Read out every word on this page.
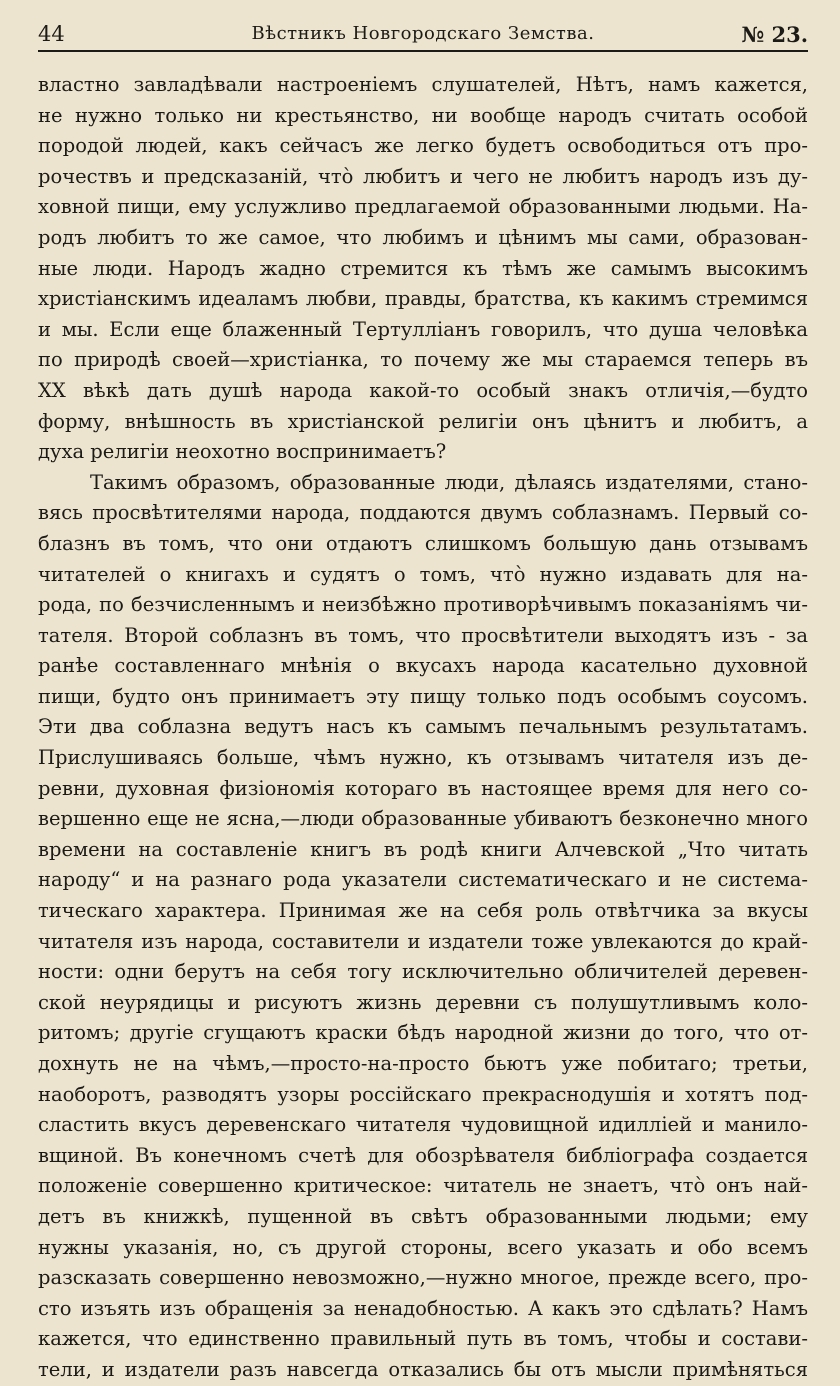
44	Вѣстникъ Новгородскаго Земства.	№ 23.
властно завладѣвали настроеніемъ слушателей, Нѣтъ, намъ кажется,
не нужно только ни крестьянство, ни вообще народъ считать особой
породой людей, какъ сейчасъ же легко будетъ освободиться отъ про-
рочествъ и предсказаній, чтò любитъ и чего не любитъ народъ изъ ду-
ховной пищи, ему услужливо предлагаемой образованными людьми. На-
родъ любитъ то же самое, что любимъ и цѣнимъ мы сами, образован-
ные люди. Народъ жадно стремится къ тѣмъ же самымъ высокимъ
христіанскимъ идеаламъ любви, правды, братства, къ какимъ стремимся
и мы. Если еще блаженный Тертулліанъ говорилъ, что душа человѣка
по природѣ своей—христіанка, то почему же мы стараемся теперь въ
XX вѣкѣ дать душѣ народа какой-то особый знакъ отличія,—будто
форму, внѣшность въ христіанской религіи онъ цѣнитъ и любитъ, а
духа религіи неохотно воспринимаетъ?
Такимъ образомъ, образованные люди, дѣлаясь издателями, стано-
вясь просвѣтителями народа, поддаются двумъ соблазнамъ. Первый со-
блазнъ въ томъ, что они отдаютъ слишкомъ большую дань отзывамъ
читателей о книгахъ и судятъ о томъ, чтò нужно издавать для на-
рода, по безчисленнымъ и неизбѣжно противорѣчивымъ показаніямъ чи-
тателя. Второй соблазнъ въ томъ, что просвѣтители выходятъ изъ - за
ранѣе составленнаго мнѣнія о вкусахъ народа касательно духовной
пищи, будто онъ принимаетъ эту пищу только подъ особымъ соусомъ.
Эти два соблазна ведутъ насъ къ самымъ печальнымъ результатамъ.
Прислушиваясь больше, чѣмъ нужно, къ отзывамъ читателя изъ де-
ревни, духовная физіономія котораго въ настоящее время для него со-
вершенно еще не ясна,—люди образованные убиваютъ безконечно много
времени на составленіе книгъ въ родѣ книги Алчевской „Что читать
народу“ и на разнаго рода указатели систематическаго и не система-
тическаго характера. Принимая же на себя роль отвѣтчика за вкусы
читателя изъ народа, составители и издатели тоже увлекаются до край-
ности: одни берутъ на себя тогу исключительно обличителей деревен-
ской неурядицы и рисуютъ жизнь деревни съ полушутливымъ коло-
ритомъ; другіе сгущаютъ краски бѣдъ народной жизни до того, что от-
дохнуть не на чѣмъ,—просто-на-просто бьютъ уже побитаго; третьи,
наоборотъ, разводятъ узоры россійскаго прекраснодушія и хотятъ под-
сластить вкусъ деревенскаго читателя чудовищной идилліей и манило-
вщиной. Въ конечномъ счетѣ для обозрѣвателя библіографа создается
положеніе совершенно критическое: читатель не знаетъ, чтò онъ най-
детъ въ книжкѣ, пущенной въ свѣтъ образованными людьми; ему
нужны указанія, но, съ другой стороны, всего указать и обо всемъ
разсказать совершенно невозможно,—нужно многое, прежде всего, про-
сто изъять изъ обращенія за ненадобностью. А какъ это сдѣлать? Намъ
кажется, что единственно правильный путь въ томъ, чтобы и состави-
тели, и издатели разъ навсегда отказались бы отъ мысли примѣняться
